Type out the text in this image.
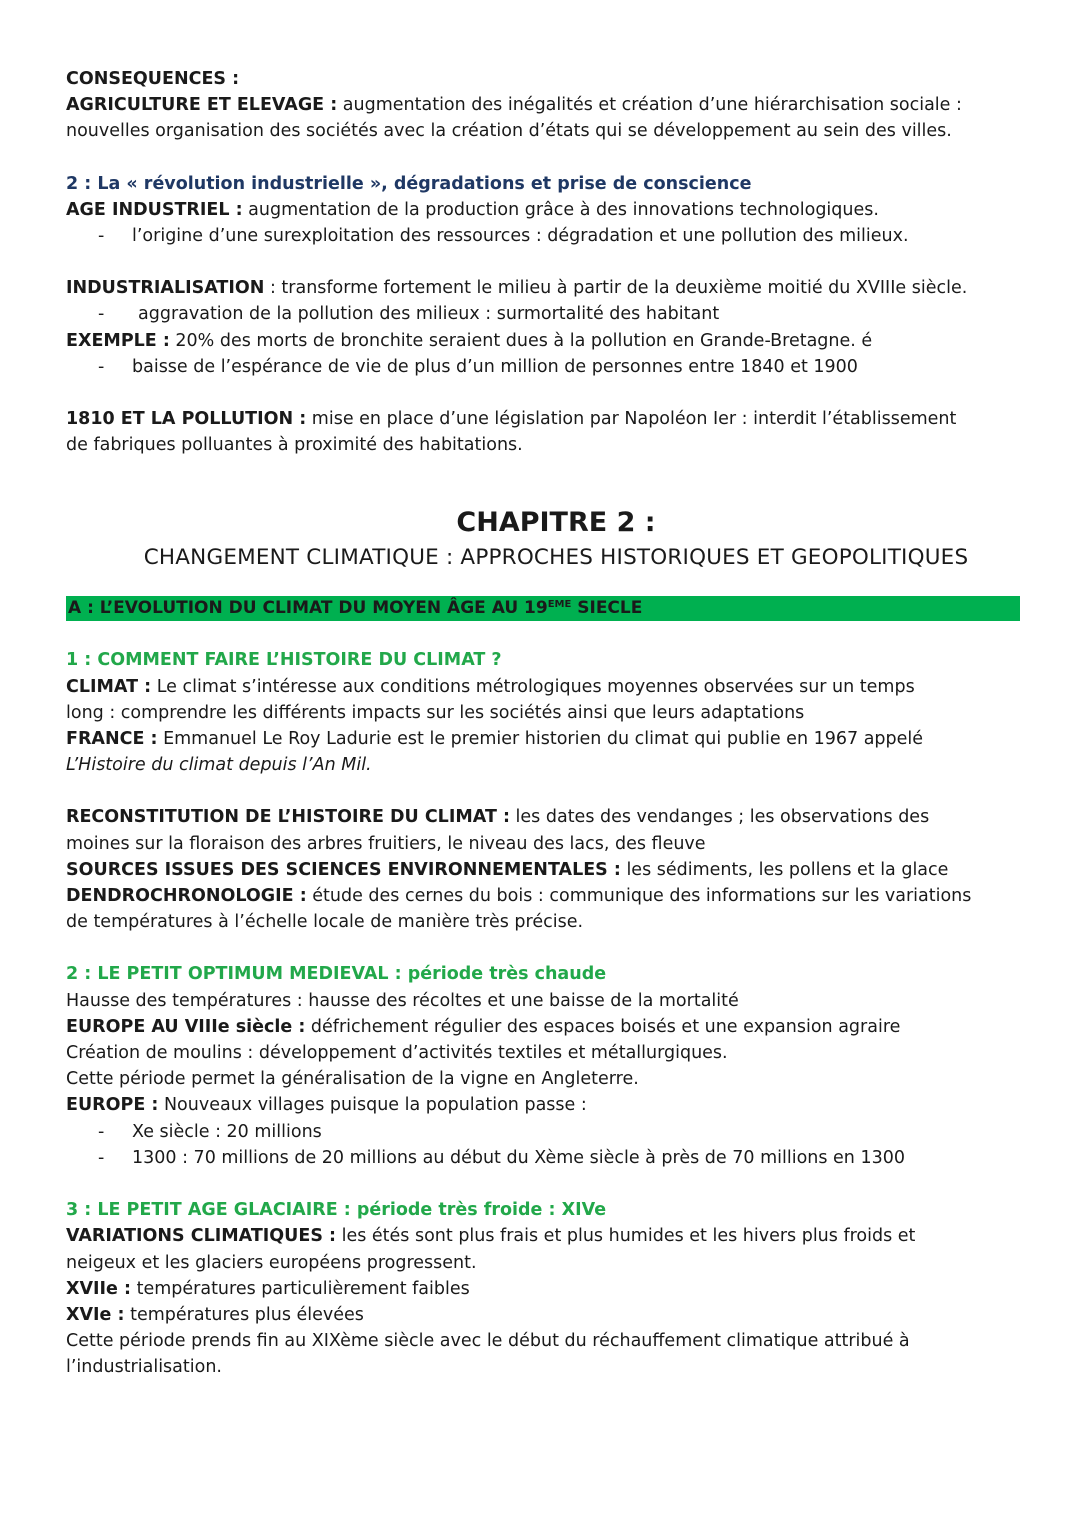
CONSEQUENCES :

AGRICULTURE ET ELEVAGE : augmentation des inégalités et création d’une hiérarchisation sociale :

nouvelles organisation des sociétés avec la création d’états qui se développement au sein des villes.

2 : La « révolution industrielle », dégradations et prise de conscience

AGE INDUSTRIEL : augmentation de la production grâce à des innovations technologiques.

- l’origine d’une surexploitation des ressources : dégradation et une pollution des milieux.

INDUSTRIALISATION : transforme fortement le milieu à partir de la deuxième moitié du XVIIIe siècle.

- aggravation de la pollution des milieux : surmortalité des habitant

EXEMPLE : 20% des morts de bronchite seraient dues à la pollution en Grande-Bretagne. é

- baisse de l’espérance de vie de plus d’un million de personnes entre 1840 et 1900

1810 ET LA POLLUTION : mise en place d’une législation par Napoléon Ier : interdit l’établissement

de fabriques polluantes à proximité des habitations.

CHAPITRE 2 :

CHANGEMENT CLIMATIQUE : APPROCHES HISTORIQUES ET GEOPOLITIQUES

A : L’EVOLUTION DU CLIMAT DU MOYEN ÂGE AU 19EME SIECLE

1 : COMMENT FAIRE L’HISTOIRE DU CLIMAT ?

CLIMAT : Le climat s’intéresse aux conditions métrologiques moyennes observées sur un temps

long : comprendre les différents impacts sur les sociétés ainsi que leurs adaptations

FRANCE : Emmanuel Le Roy Ladurie est le premier historien du climat qui publie en 1967 appelé

L’Histoire du climat depuis l’An Mil.

RECONSTITUTION DE L’HISTOIRE DU CLIMAT : les dates des vendanges ; les observations des

moines sur la floraison des arbres fruitiers, le niveau des lacs, des fleuve

SOURCES ISSUES DES SCIENCES ENVIRONNEMENTALES : les sédiments, les pollens et la glace

DENDROCHRONOLOGIE : étude des cernes du bois : communique des informations sur les variations

de températures à l’échelle locale de manière très précise.

2 : LE PETIT OPTIMUM MEDIEVAL : période très chaude

Hausse des températures : hausse des récoltes et une baisse de la mortalité

EUROPE AU VIIIe siècle : défrichement régulier des espaces boisés et une expansion agraire

Création de moulins : développement d’activités textiles et métallurgiques.

Cette période permet la généralisation de la vigne en Angleterre.

EUROPE : Nouveaux villages puisque la population passe :

- Xe siècle : 20 millions

- 1300 : 70 millions de 20 millions au début du Xème siècle à près de 70 millions en 1300

3 : LE PETIT AGE GLACIAIRE : période très froide : XIVe

VARIATIONS CLIMATIQUES : les étés sont plus frais et plus humides et les hivers plus froids et

neigeux et les glaciers européens progressent.

XVIIe : températures particulièrement faibles

XVIe : températures plus élevées

Cette période prends fin au XIXème siècle avec le début du réchauffement climatique attribué à

l’industrialisation.
